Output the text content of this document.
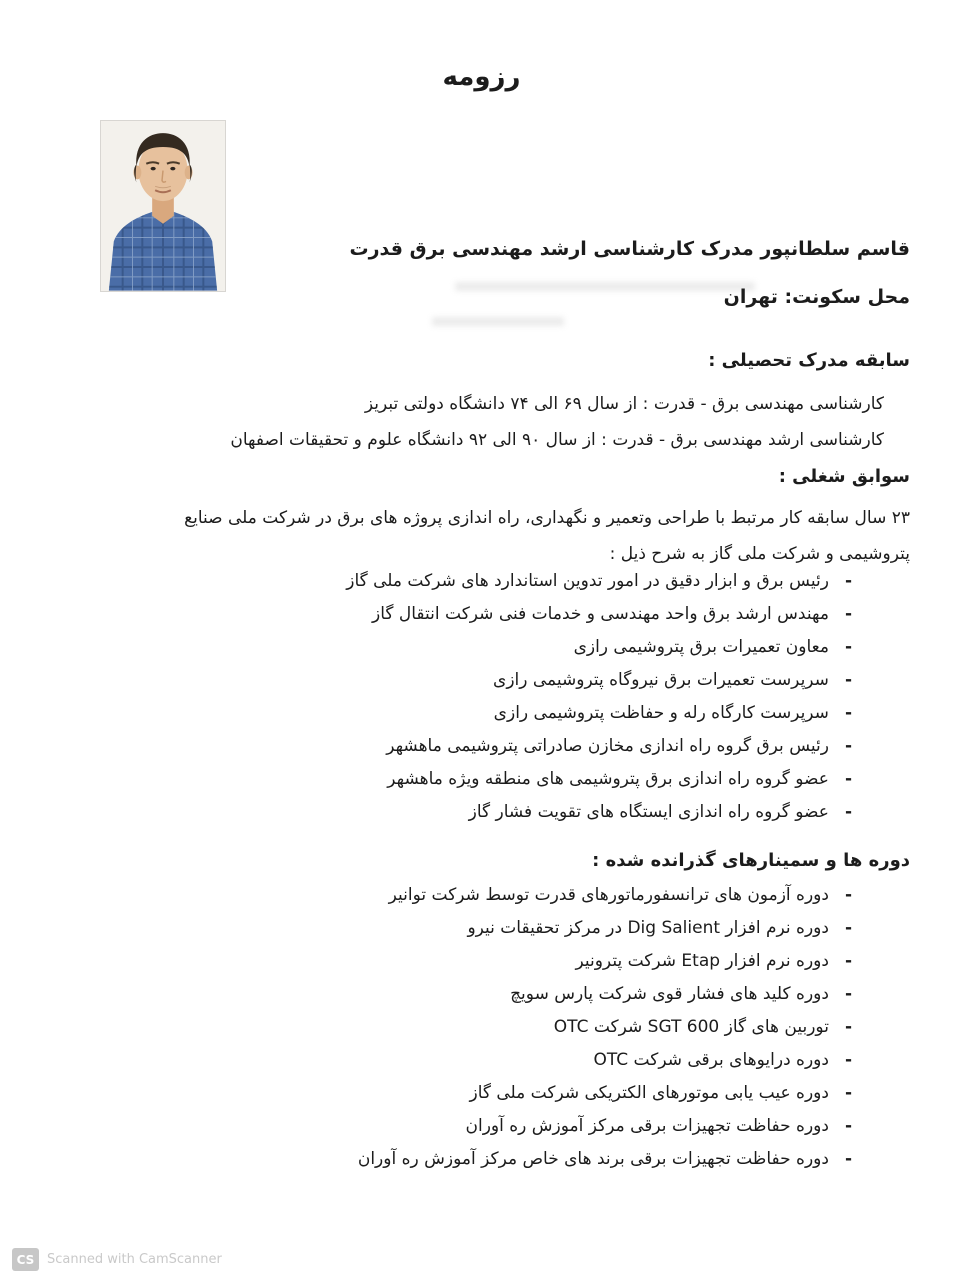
رزومه
قاسم سلطانپور مدرک کارشناسی ارشد مهندسی برق قدرت
محل سکونت: تهران
سابقه مدرک تحصیلی :
کارشناسی مهندسی برق - قدرت : از سال ۶۹ الی ۷۴ دانشگاه دولتی تبریز
کارشناسی ارشد مهندسی برق - قدرت : از سال ۹۰ الی ۹۲ دانشگاه علوم و تحقیقات اصفهان
سوابق شغلی :
۲۳ سال سابقه کار مرتبط با طراحی وتعمیر و نگهداری، راه اندازی پروژه های برق در شرکت ملی صنایع پتروشیمی و شرکت ملی گاز به شرح ذیل :
-
رئیس برق و ابزار دقیق در امور تدوین استاندارد های شرکت ملی گاز
-
مهندس ارشد برق واحد مهندسی و خدمات فنی شرکت انتقال گاز
-
معاون تعمیرات برق پتروشیمی رازی
-
سرپرست تعمیرات برق نیروگاه پتروشیمی رازی
-
سرپرست کارگاه رله و حفاظت پتروشیمی رازی
-
رئیس برق گروه راه اندازی مخازن صادراتی پتروشیمی ماهشهر
-
عضو گروه راه اندازی برق پتروشیمی های منطقه ویژه ماهشهر
-
عضو گروه راه اندازی ایستگاه های تقویت فشار گاز
دوره ها و سمینارهای گذرانده شده :
-
دوره آزمون های ترانسفورماتورهای قدرت توسط شرکت توانیر
-
دوره نرم افزار Dig Salient در مرکز تحقیقات نیرو
-
دوره نرم افزار Etap شرکت پترونیر
-
دوره کلید های فشار قوی شرکت پارس سویچ
-
توربین های گاز SGT 600 شرکت OTC
-
دوره درایوهای برقی شرکت OTC
-
دوره عیب یابی موتورهای الکتریکی شرکت ملی گاز
-
دوره حفاظت تجهیزات برقی مرکز آموزش ره آوران
-
دوره حفاظت تجهیزات برقی برند های خاص مرکز آموزش ره آوران
CS Scanned with CamScanner
